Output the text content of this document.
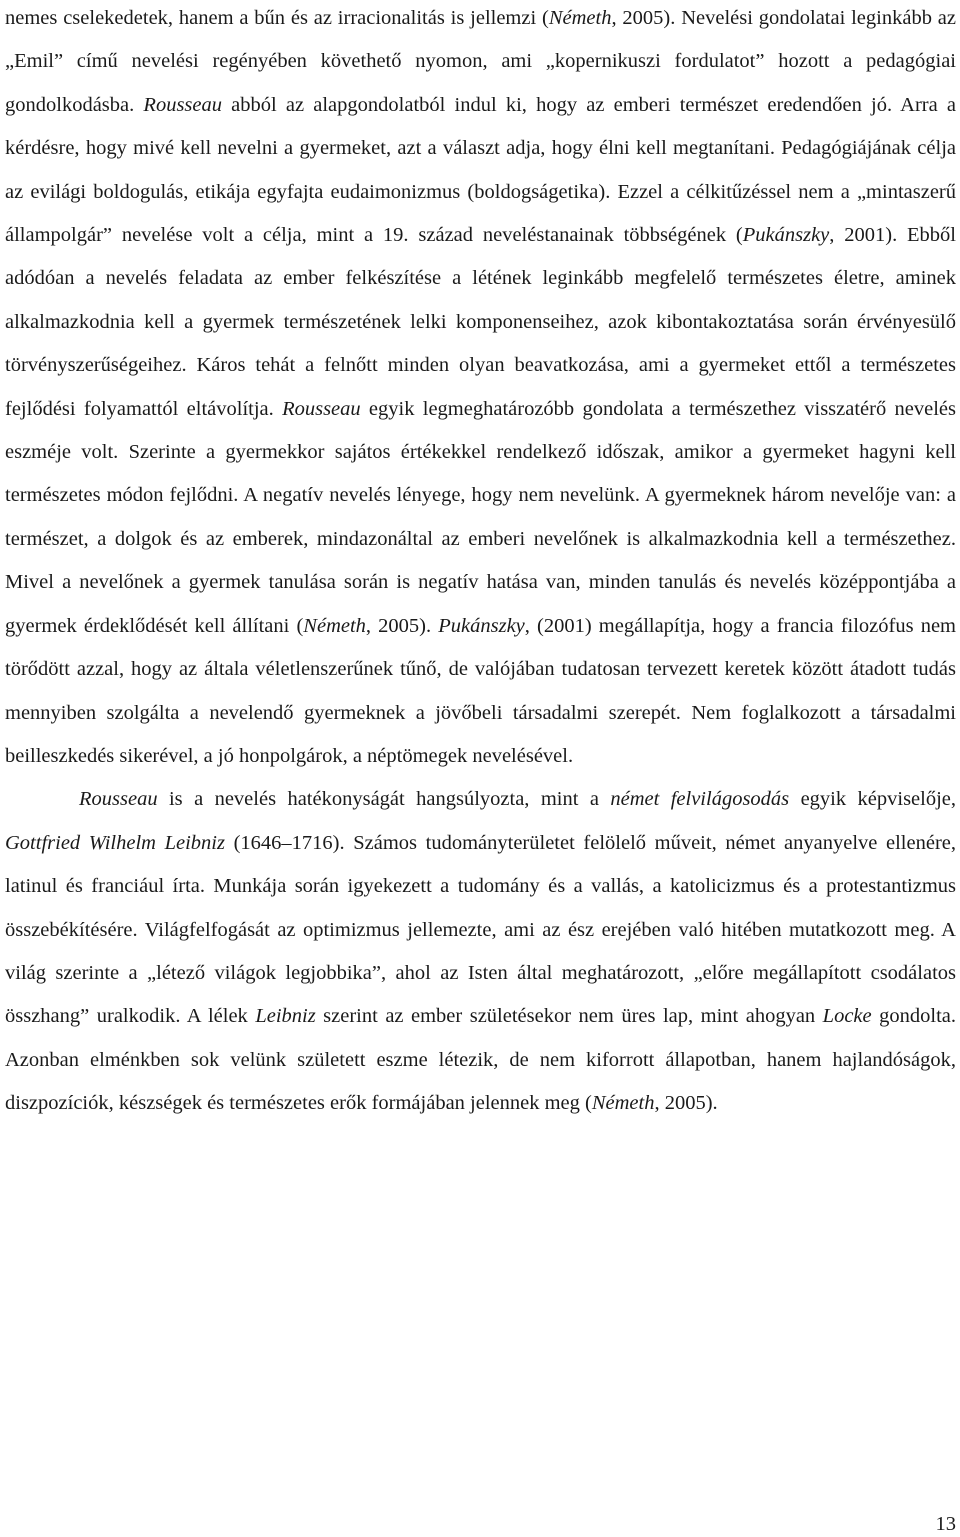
nemes cselekedetek, hanem a bűn és az irracionalitás is jellemzi (Németh, 2005). Nevelési gondolatai leginkább az „Emil” című nevelési regényében követhető nyomon, ami „kopernikuszi fordulatot” hozott a pedagógiai gondolkodásba. Rousseau abból az alapgondolatból indul ki, hogy az emberi természet eredendően jó. Arra a kérdésre, hogy mivé kell nevelni a gyermeket, azt a választ adja, hogy élni kell megtanítani. Pedagógiájának célja az evilági boldogulás, etikája egyfajta eudaimonizmus (boldogságetika). Ezzel a célkitűzéssel nem a „mintaszerű állampolgár” nevelése volt a célja, mint a 19. század neveléstanainak többségének (Pukánszky, 2001). Ebből adódóan a nevelés feladata az ember felkészítése a létének leginkább megfelelő természetes életre, aminek alkalmazkodnia kell a gyermek természetének lelki komponenseihez, azok kibontakoztatása során érvényesülő törvényszerűségeihez. Káros tehát a felnőtt minden olyan beavatkozása, ami a gyermeket ettől a természetes fejlődési folyamattól eltávolítja. Rousseau egyik legmeghatározóbb gondolata a természethez visszatérő nevelés eszméje volt. Szerinte a gyermekkor sajátos értékekkel rendelkező időszak, amikor a gyermeket hagyni kell természetes módon fejlődni. A negatív nevelés lényege, hogy nem nevelünk. A gyermeknek három nevelője van: a természet, a dolgok és az emberek, mindazonáltal az emberi nevelőnek is alkalmazkodnia kell a természethez. Mivel a nevelőnek a gyermek tanulása során is negatív hatása van, minden tanulás és nevelés középpontjába a gyermek érdeklődését kell állítani (Németh, 2005). Pukánszky, (2001) megállapítja, hogy a francia filozófus nem törődött azzal, hogy az általa véletlenszerűnek tűnő, de valójában tudatosan tervezett keretek között átadott tudás mennyiben szolgálta a nevelendő gyermeknek a jövőbeli társadalmi szerepét. Nem foglalkozott a társadalmi beilleszkedés sikerével, a jó honpolgárok, a néptömegek nevelésével.

Rousseau is a nevelés hatékonyságát hangsúlyozta, mint a német felvilágosodás egyik képviselője, Gottfried Wilhelm Leibniz (1646–1716). Számos tudományterületet felölelő műveit, német anyanyelve ellenére, latinul és franciául írta. Munkája során igyekezett a tudomány és a vallás, a katolicizmus és a protestantizmus összebékítésére. Világfelfogását az optimizmus jellemezte, ami az ész erejében való hitében mutatkozott meg. A világ szerinte a „létező világok legjobbika”, ahol az Isten által meghatározott, „előre megállapított csodálatos összhang” uralkodik. A lélek Leibniz szerint az ember születésekor nem üres lap, mint ahogyan Locke gondolta. Azonban elménkben sok velünk született eszme létezik, de nem kiforrott állapotban, hanem hajlandóságok, diszpozíciók, készségek és természetes erők formájában jelennek meg (Németh, 2005).

13
